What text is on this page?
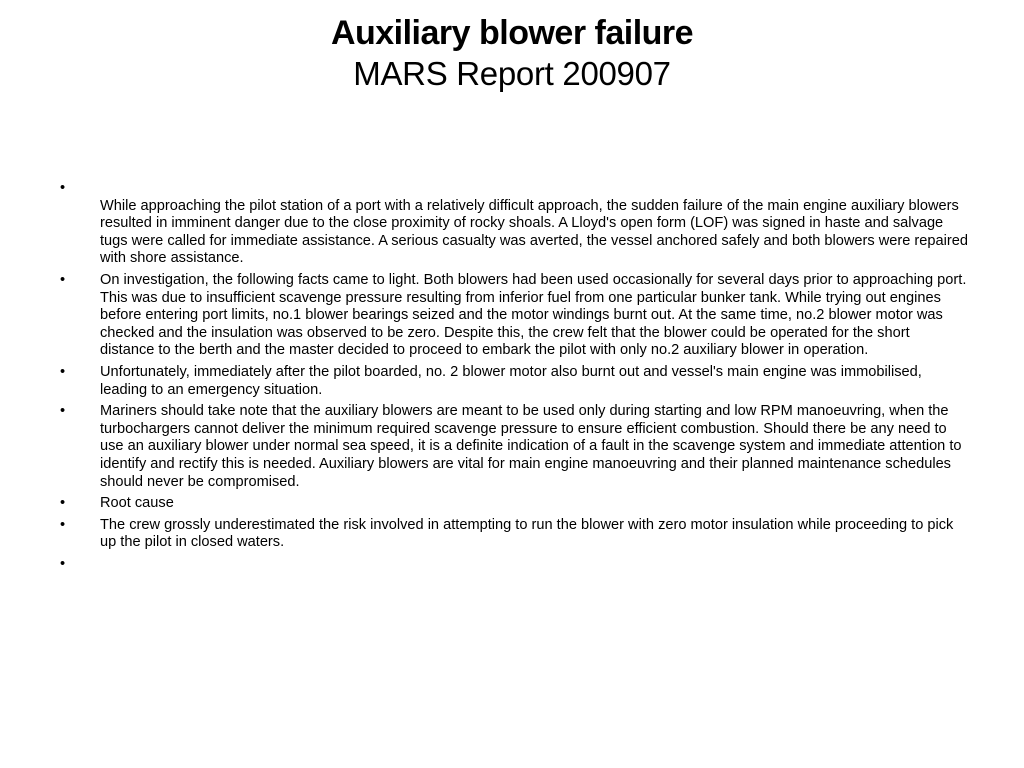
Auxiliary blower failure
MARS Report 200907
•
While approaching the pilot station of a port with a relatively difficult approach, the sudden failure of the main engine auxiliary blowers resulted in imminent danger due to the close proximity of rocky shoals. A Lloyd's open form (LOF) was signed in haste and salvage tugs were called for immediate assistance. A serious casualty was averted, the vessel anchored safely and both blowers were repaired with shore assistance.
•	On investigation, the following facts came to light. Both blowers had been used occasionally for several days prior to approaching port. This was due to insufficient scavenge pressure resulting from inferior fuel from one particular bunker tank. While trying out engines before entering port limits, no.1 blower bearings seized and the motor windings burnt out. At the same time, no.2 blower motor was checked and the insulation was observed to be zero. Despite this, the crew felt that the blower could be operated for the short distance to the berth and the master decided to proceed to embark the pilot with only no.2 auxiliary blower in operation.
•	Unfortunately, immediately after the pilot boarded, no. 2 blower motor also burnt out and vessel's main engine was immobilised, leading to an emergency situation.
•	Mariners should take note that the auxiliary blowers are meant to be used only during starting and low RPM manoeuvring, when the turbochargers cannot deliver the minimum required scavenge pressure to ensure efficient combustion. Should there be any need to use an auxiliary blower under normal sea speed, it is a definite indication of a fault in the scavenge system and immediate attention to identify and rectify this is needed. Auxiliary blowers are vital for main engine manoeuvring and their planned maintenance schedules should never be compromised.
•	Root cause
•	The crew grossly underestimated the risk involved in attempting to run the blower with zero motor insulation while proceeding to pick up the pilot in closed waters.
•
